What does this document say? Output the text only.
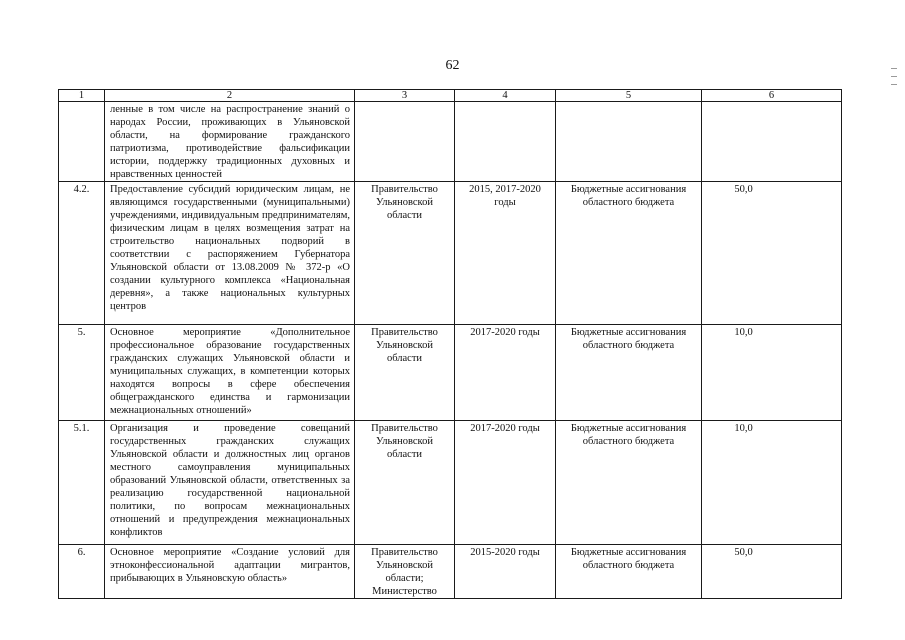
62
1	2	3	4	5	6
	ленные в том числе на распространение знаний о народах России, проживающих в Ульяновской области, на формирование гражданского патриотизма, противодействие фальсификации истории, поддержку традиционных духовных и нравственных ценностей				
4.2.	Предоставление субсидий юридическим лицам, не являющимся государственными (муниципальными) учреждениями, индивидуальным предпринимателям, физическим лицам в целях возмещения затрат на строительство национальных подворий в соответствии с распоряжением Губернатора Ульяновской области от 13.08.2009 № 372-р «О создании культурного комплекса «Национальная деревня», а также национальных культурных центров	Правительство Ульяновской области	2015, 2017-2020 годы	Бюджетные ассигнования областного бюджета	50,0
5.	Основное мероприятие «Дополнительное профессиональное образование государственных гражданских служащих Ульяновской области и муниципальных служащих, в компетенции которых находятся вопросы в сфере обеспечения общегражданского единства и гармонизации межнациональных отношений»	Правительство Ульяновской области	2017-2020 годы	Бюджетные ассигнования областного бюджета	10,0
5.1.	Организация и проведение совещаний государственных гражданских служащих Ульяновской области и должностных лиц органов местного самоуправления муниципальных образований Ульяновской области, ответственных за реализацию государственной национальной политики, по вопросам межнациональных отношений и предупреждения межнациональных конфликтов	Правительство Ульяновской области	2017-2020 годы	Бюджетные ассигнования областного бюджета	10,0
6.	Основное мероприятие «Создание условий для этноконфессиональной адаптации мигрантов, прибывающих в Ульяновскую область»	Правительство Ульяновской области; Министерство	2015-2020 годы	Бюджетные ассигнования областного бюджета	50,0
